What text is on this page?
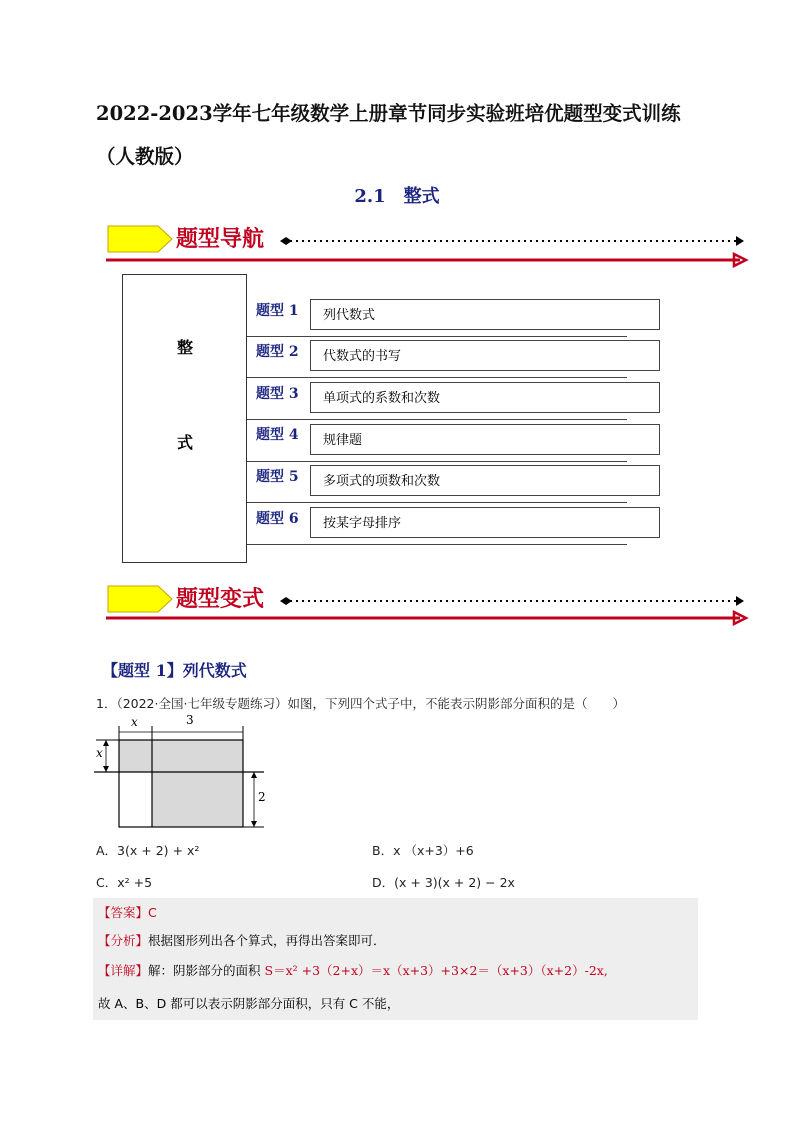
2022-2023学年七年级数学上册章节同步实验班培优题型变式训练（人教版）
2.1　整式
题型导航
整
式
题型 1	列代数式
题型 2	代数式的书写
题型 3	单项式的系数和次数
题型 4	规律题
题型 5	多项式的项数和次数
题型 6	按某字母排序
题型变式
【题型 1】列代数式
1．（2022·全国·七年级专题练习）如图，下列四个式子中，不能表示阴影部分面积的是（　　）
x	3
x
2
A．3(x + 2) + x²	B．x （x+3）+6
C．x² +5	D．(x + 3)(x + 2) − 2x
【答案】C
【分析】根据图形列出各个算式，再得出答案即可．
【详解】解：阴影部分的面积 S＝x² +3（2+x）＝x（x+3）+3×2＝（x+3）（x+2）-2x,
故 A、B、D 都可以表示阴影部分面积，只有 C 不能，
